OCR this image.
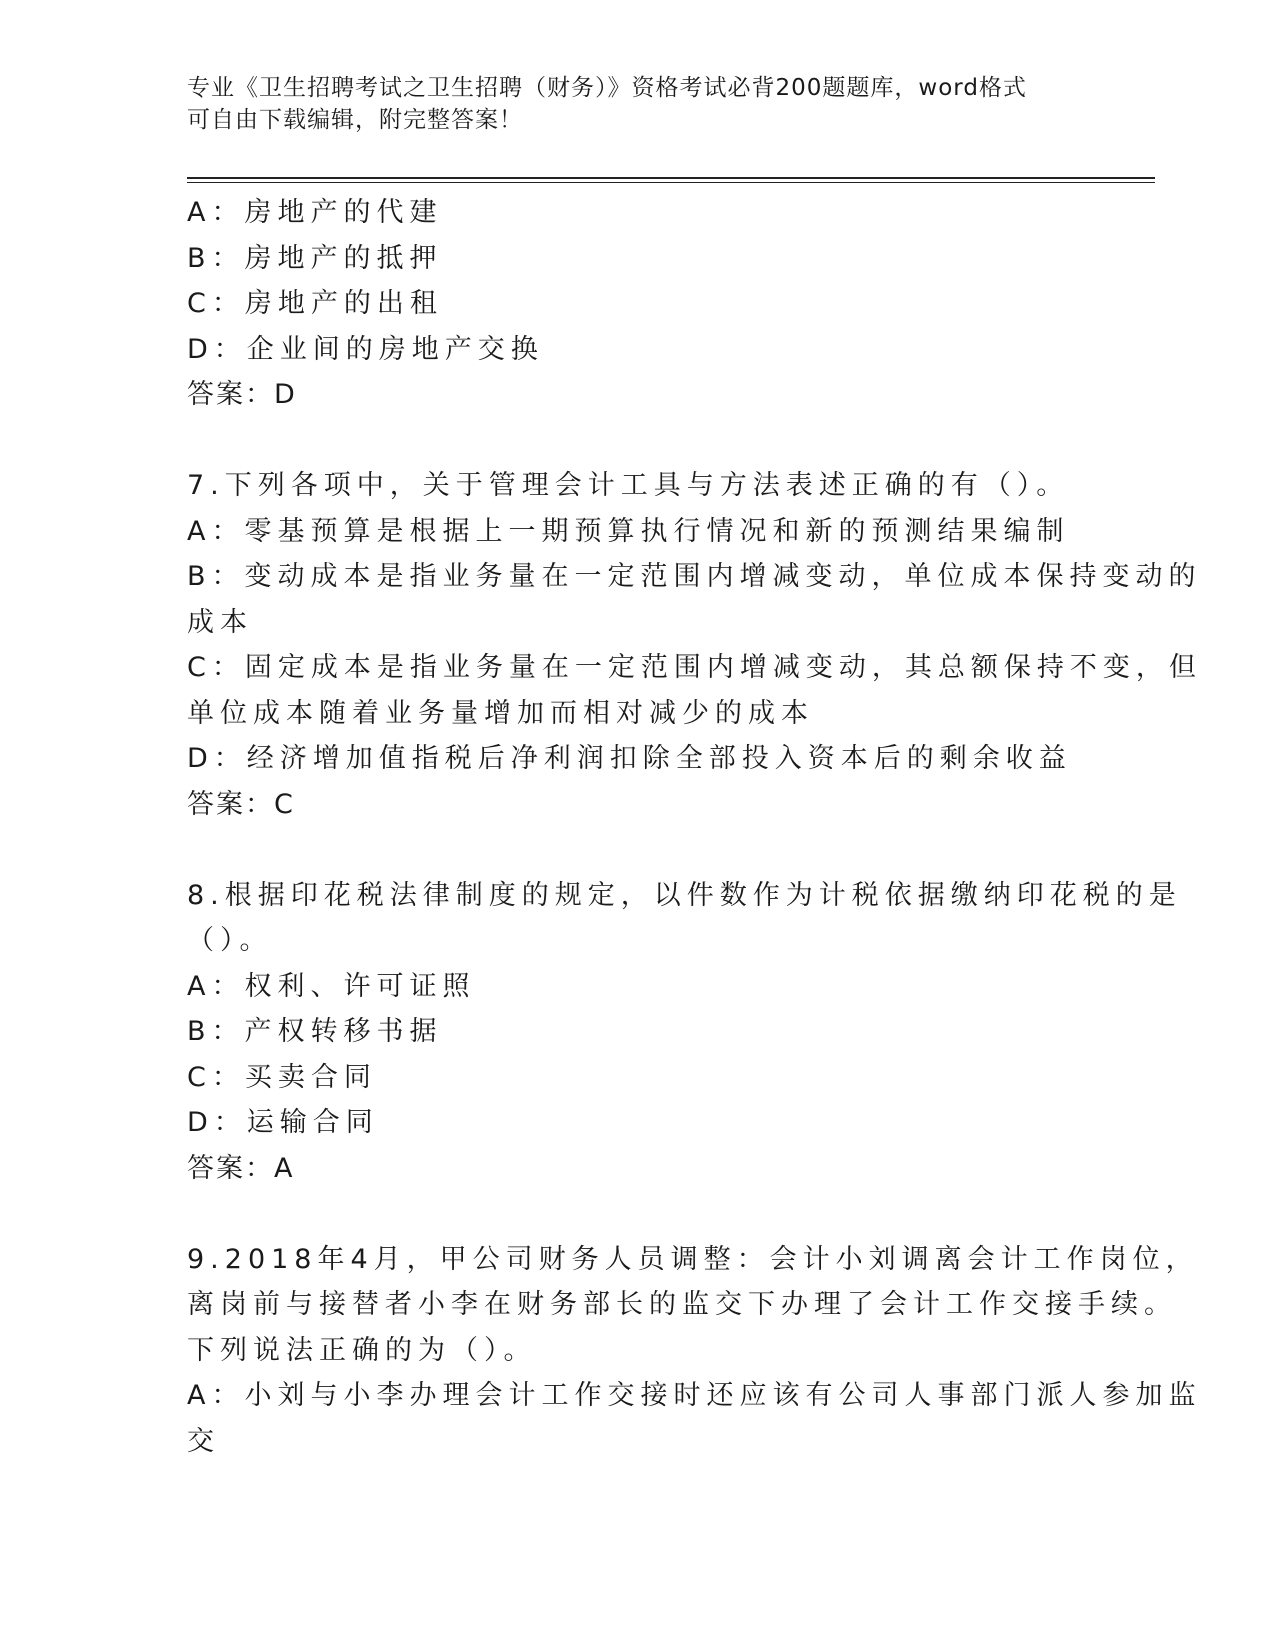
专业《卫生招聘考试之卫生招聘（财务）》资格考试必背200题题库，word格式
可自由下载编辑，附完整答案！
A：房地产的代建
B：房地产的抵押
C：房地产的出租
D：企业间的房地产交换
答案：D
7.下列各项中，关于管理会计工具与方法表述正确的有（）。
A：零基预算是根据上一期预算执行情况和新的预测结果编制
B：变动成本是指业务量在一定范围内增减变动，单位成本保持变动的
成本
C：固定成本是指业务量在一定范围内增减变动，其总额保持不变，但
单位成本随着业务量增加而相对减少的成本
D：经济增加值指税后净利润扣除全部投入资本后的剩余收益
答案：C
8.根据印花税法律制度的规定，以件数作为计税依据缴纳印花税的是
（）。
A：权利、许可证照
B：产权转移书据
C：买卖合同
D：运输合同
答案：A
9.2018年4月，甲公司财务人员调整：会计小刘调离会计工作岗位，
离岗前与接替者小李在财务部长的监交下办理了会计工作交接手续。
下列说法正确的为（）。
A：小刘与小李办理会计工作交接时还应该有公司人事部门派人参加监
交
